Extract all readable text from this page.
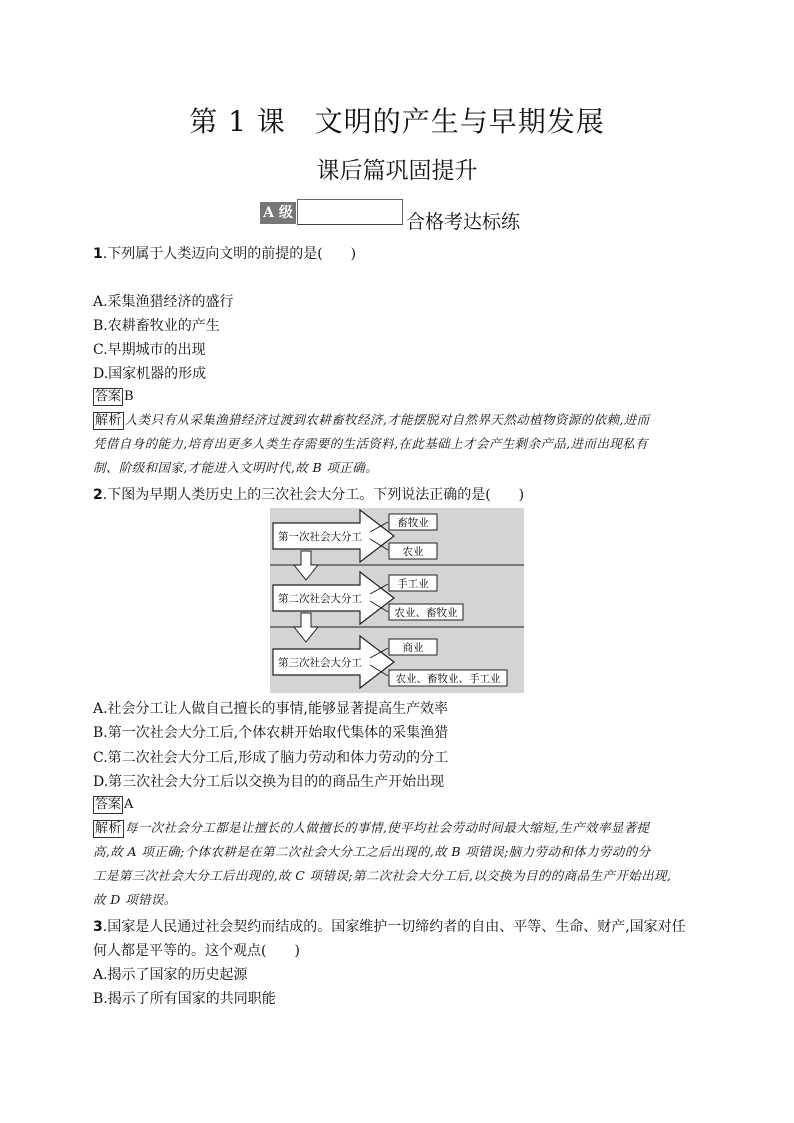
第 1 课　文明的产生与早期发展
课后篇巩固提升
A 级	合格考达标练
1.下列属于人类迈向文明的前提的是(　　)
A.采集渔猎经济的盛行
B.农耕畜牧业的产生
C.早期城市的出现
D.国家机器的形成
答案 B
解析 人类只有从采集渔猎经济过渡到农耕畜牧经济,才能摆脱对自然界天然动植物资源的依赖,进而
凭借自身的能力,培育出更多人类生存需要的生活资料,在此基础上才会产生剩余产品,进而出现私有
制、阶级和国家,才能进入文明时代,故 B 项正确。
2.下图为早期人类历史上的三次社会大分工。下列说法正确的是(　　)
第一次社会大分工
畜牧业
农业
第二次社会大分工
手工业
农业、畜牧业
第三次社会大分工
商业
农业、畜牧业、手工业
A.社会分工让人做自己擅长的事情,能够显著提高生产效率
B.第一次社会大分工后,个体农耕开始取代集体的采集渔猎
C.第二次社会大分工后,形成了脑力劳动和体力劳动的分工
D.第三次社会大分工后以交换为目的的商品生产开始出现
答案 A
解析 每一次社会分工都是让擅长的人做擅长的事情,使平均社会劳动时间最大缩短,生产效率显著提
高,故 A 项正确;个体农耕是在第二次社会大分工之后出现的,故 B 项错误;脑力劳动和体力劳动的分
工是第三次社会大分工后出现的,故 C 项错误;第二次社会大分工后,以交换为目的的商品生产开始出现,
故 D 项错误。
3.国家是人民通过社会契约而结成的。国家维护一切缔约者的自由、平等、生命、财产,国家对任
何人都是平等的。这个观点(　　)
A.揭示了国家的历史起源
B.揭示了所有国家的共同职能
